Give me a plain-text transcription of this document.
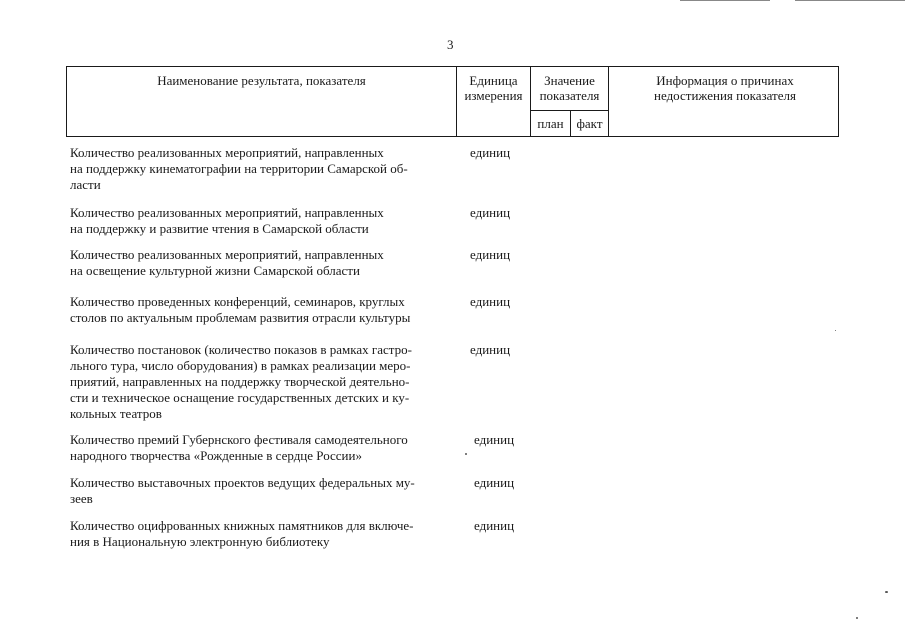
3
Наименование результата, показателя	Единица измерения
Значение показателя
план факт
Информация о причинах недостижения показателя
Количество реализованных мероприятий, направленных
на поддержку кинематографии на территории Самарской об-
ласти
единиц
Количество реализованных мероприятий, направленных
на поддержку и развитие чтения в Самарской области
единиц
Количество реализованных мероприятий, направленных
на освещение культурной жизни Самарской области
единиц
Количество проведенных конференций, семинаров, круглых
столов по актуальным проблемам развития отрасли культуры
единиц
Количество постановок (количество показов в рамках гастро-
льного тура, число оборудования) в рамках реализации меро-
приятий, направленных на поддержку творческой деятельно-
сти и техническое оснащение государственных детских и ку-
кольных театров
единиц
Количество премий Губернского фестиваля самодеятельного
народного творчества «Рожденные в сердце России»
единиц
Количество выставочных проектов ведущих федеральных му-
зеев
единиц
Количество оцифрованных книжных памятников для включе-
ния в Национальную электронную библиотеку
единиц
